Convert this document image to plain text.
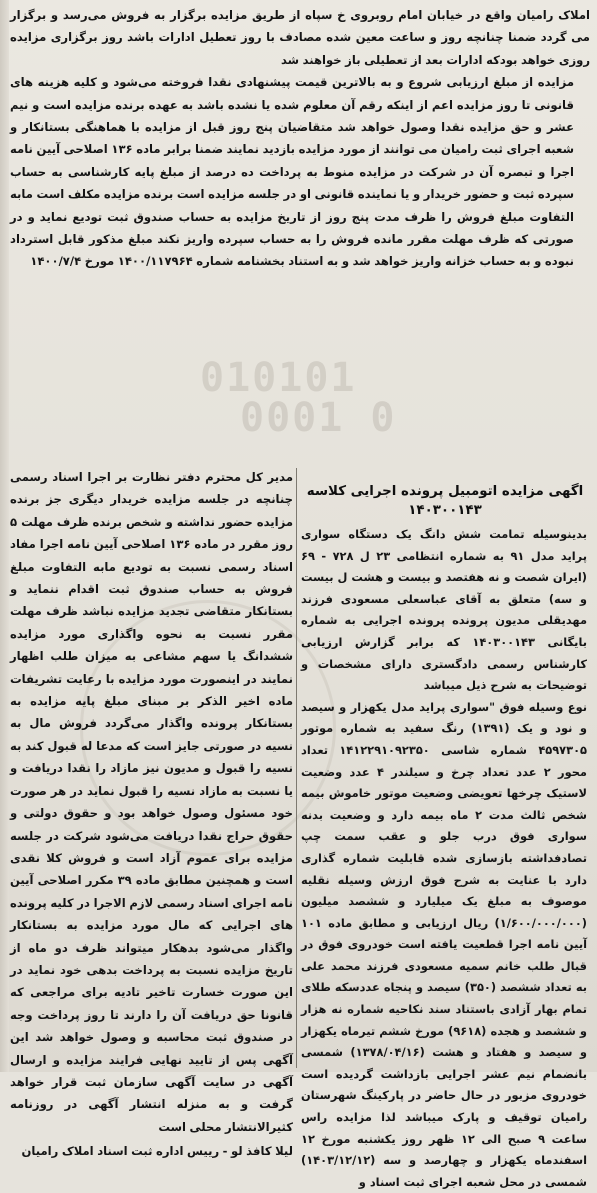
010101
0001 0

املاک رامیان واقع در خیابان امام روبروی خ سپاه از طریق مزایده برگزار به فروش می‌رسد و برگزار می گردد ضمنا چنانچه روز و ساعت معین شده مصادف با روز تعطیل ادارات باشد روز برگزاری مزایده روزی خواهد بودکه ادارات بعد از تعطیلی باز خواهند شد

مزایده از مبلغ ارزیابی شروع و به بالاترین قیمت پیشنهادی نقدا فروخته می‌شود و کلیه هزینه های قانونی تا روز مزایده اعم از اینکه رقم آن معلوم شده یا نشده باشد به عهده برنده مزایده است و نیم عشر و حق مزایده نقدا وصول خواهد شد متقاضیان پنج روز قبل از مزایده با هماهنگی بستانکار و شعبه اجرای ثبت رامیان می توانند از مورد مزایده بازدید نمایند ضمنا برابر ماده ۱۳۶ اصلاحی آیین نامه اجرا و تبصره آن در شرکت در مزایده منوط به پرداخت ده درصد از مبلغ پایه کارشناسی به حساب سپرده ثبت و حضور خریدار و یا نماینده قانونی او در جلسه مزایده است برنده مزایده مکلف است مابه التفاوت مبلغ فروش را ظرف مدت پنج روز از تاریخ مزایده به حساب صندوق ثبت تودیع نماید و در صورتی که ظرف مهلت مقرر مانده فروش را به حساب سپرده واریز نکند مبلغ مذکور قابل استرداد نبوده و به حساب خزانه واریز خواهد شد و به استناد بخشنامه شماره ۱۴۰۰/۱۱۷۹۶۴ مورخ ۱۴۰۰/۷/۴

مدیر کل محترم دفتر نظارت بر اجرا اسناد رسمی چنانچه در جلسه مزایده خریدار دیگری جز برنده مزایده حضور نداشته و شخص برنده ظرف مهلت ۵ روز مقرر در ماده ۱۳۶ اصلاحی آیین نامه اجرا مفاد اسناد رسمی نسبت به تودیع مابه التفاوت مبلغ فروش به حساب صندوق ثبت اقدام ننماید و بستانکار متقاضی تجدید مزایده نباشد ظرف مهلت مقرر نسبت به نحوه واگذاری مورد مزایده ششدانگ یا سهم مشاعی به میزان طلب اظهار نمایند در اینصورت مورد مزایده با رعایت تشریفات ماده اخیر الذکر بر مبنای مبلغ پایه مزایده به بستانکار پرونده واگذار می‌گردد فروش مال به نسیه در صورتی جایز است که مدعا له قبول کند به نسیه را قبول و مدیون نیز مازاد را نقدا دریافت و یا نسبت به مازاد نسیه را قبول نماید در هر صورت خود مسئول وصول خواهد بود و حقوق دولتی و حقوق حراج نقدا دریافت می‌شود شرکت در جلسه مزایده برای عموم آزاد است و فروش کلا نقدی است و همچنین مطابق ماده ۳۹ مکرر اصلاحی آیین نامه اجرای اسناد رسمی لازم الاجرا در کلیه پرونده های اجرایی که مال مورد مزایده به بستانکار واگذار می‌شود بدهکار میتواند ظرف دو ماه از تاریخ مزایده نسبت به پرداخت بدهی خود نماید در این صورت خسارت تاخیر تادیه برای مراجعی که قانونا حق دریافت آن را دارند تا روز پرداخت وجه در صندوق ثبت محاسبه و وصول خواهد شد این آگهی پس از تایید نهایی فرایند مزایده و ارسال آگهی در سایت آگهی سازمان ثبت قرار خواهد گرفت و به منزله انتشار آگهی در روزنامه کثیرالانتشار محلی است

لیلا کافذ لو - رییس اداره ثبت اسناد املاک رامیان
اگهی مزایده اتومبیل پرونده اجرایی کلاسه ۱۴۰۳۰۰۱۴۳

بدینوسیله تمامت شش دانگ یک دستگاه سواری پراید مدل ۹۱ به شماره انتظامی ۲۳ ل ۷۲۸ - ۶۹ (ایران شصت و نه هفتصد و بیست و هشت ل بیست و سه) متعلق به آقای عباسعلی مسعودی فرزند مهدیقلی مدیون پرونده پرونده اجرایی به شماره بایگانی ۱۴۰۳۰۰۱۴۳ که برابر گزارش ارزیابی کارشناس رسمی دادگستری دارای مشخصات و توضیحات به شرح ذیل میباشد

نوع وسیله فوق "سواری پراید مدل یکهزار و سیصد و نود و یک (۱۳۹۱) رنگ سفید به شماره موتور ۴۵۹۷۳۰۵ شماره شاسی ۱۴۱۲۲۹۱۰۹۲۳۵۰ تعداد محور ۲ عدد تعداد چرخ و سیلندر ۴ عدد وضعیت لاستیک چرخها تعویضی وضعیت موتور خاموش بیمه شخص ثالث مدت ۲ ماه بیمه دارد و وضعیت بدنه سواری فوق درب جلو و عقب سمت چپ تصادفداشته بازسازی شده قابلیت شماره گذاری دارد با عنایت به شرح فوق ارزش وسیله نقلیه موصوف به مبلغ یک میلیارد و ششصد میلیون (۱/۶۰۰/۰۰۰/۰۰۰) ریال ارزیابی و مطابق ماده ۱۰۱ آیین نامه اجرا قطعیت یافته است خودروی فوق در قبال طلب خانم سمیه مسعودی فرزند محمد علی به تعداد ششصد (۳۵۰) سیصد و پنجاه عددسکه طلای تمام بهار آزادی باستناد سند نکاحیه شماره نه هزار و ششصد و هجده (۹۶۱۸) مورخ ششم تیرماه یکهزار و سیصد و هفتاد و هشت (۱۳۷۸/۰۴/۱۶) شمسی بانضمام نیم عشر اجرایی بازداشت گردیده است خودروی مزبور در حال حاضر در پارکینگ شهرستان رامیان توقیف و پارک میباشد لذا مزایده راس ساعت ۹ صبح الی ۱۲ ظهر روز یکشنبه مورخ ۱۲ اسفندماه یکهزار و چهارصد و سه (۱۴۰۳/۱۲/۱۲) شمسی در محل شعبه اجرای ثبت اسناد و
